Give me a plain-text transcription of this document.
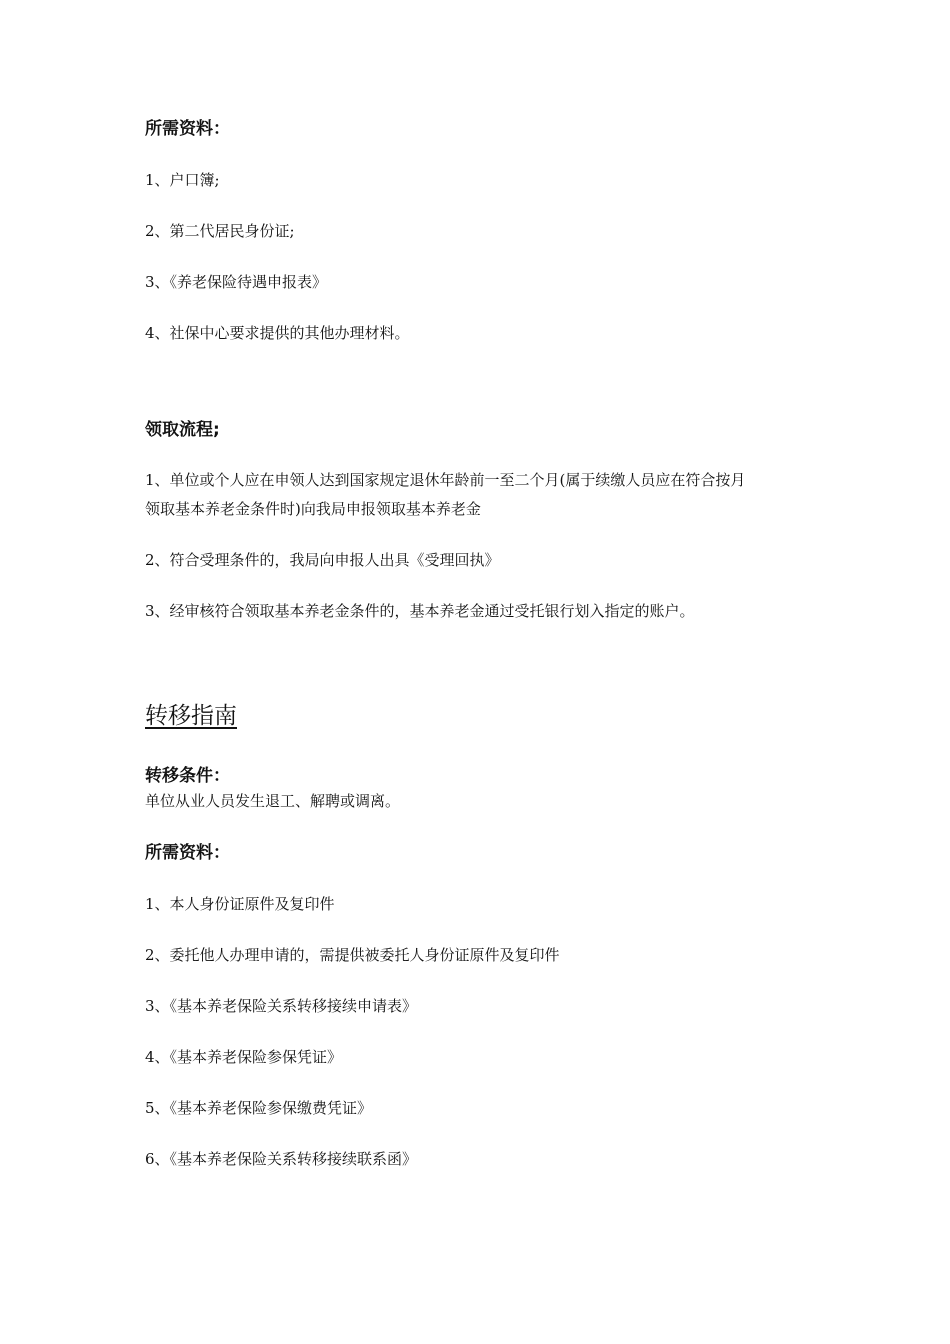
所需资料：
1、户口簿;
2、第二代居民身份证;
3、《养老保险待遇申报表》
4、社保中心要求提供的其他办理材料。
领取流程;
1、单位或个人应在申领人达到国家规定退休年龄前一至二个月(属于续缴人员应在符合按月
领取基本养老金条件时)向我局申报领取基本养老金
2、符合受理条件的，我局向申报人出具《受理回执》
3、经审核符合领取基本养老金条件的，基本养老金通过受托银行划入指定的账户。
转移指南
转移条件：
单位从业人员发生退工、解聘或调离。
所需资料：
1、本人身份证原件及复印件
2、委托他人办理申请的，需提供被委托人身份证原件及复印件
3、《基本养老保险关系转移接续申请表》
4、《基本养老保险参保凭证》
5、《基本养老保险参保缴费凭证》
6、《基本养老保险关系转移接续联系函》
